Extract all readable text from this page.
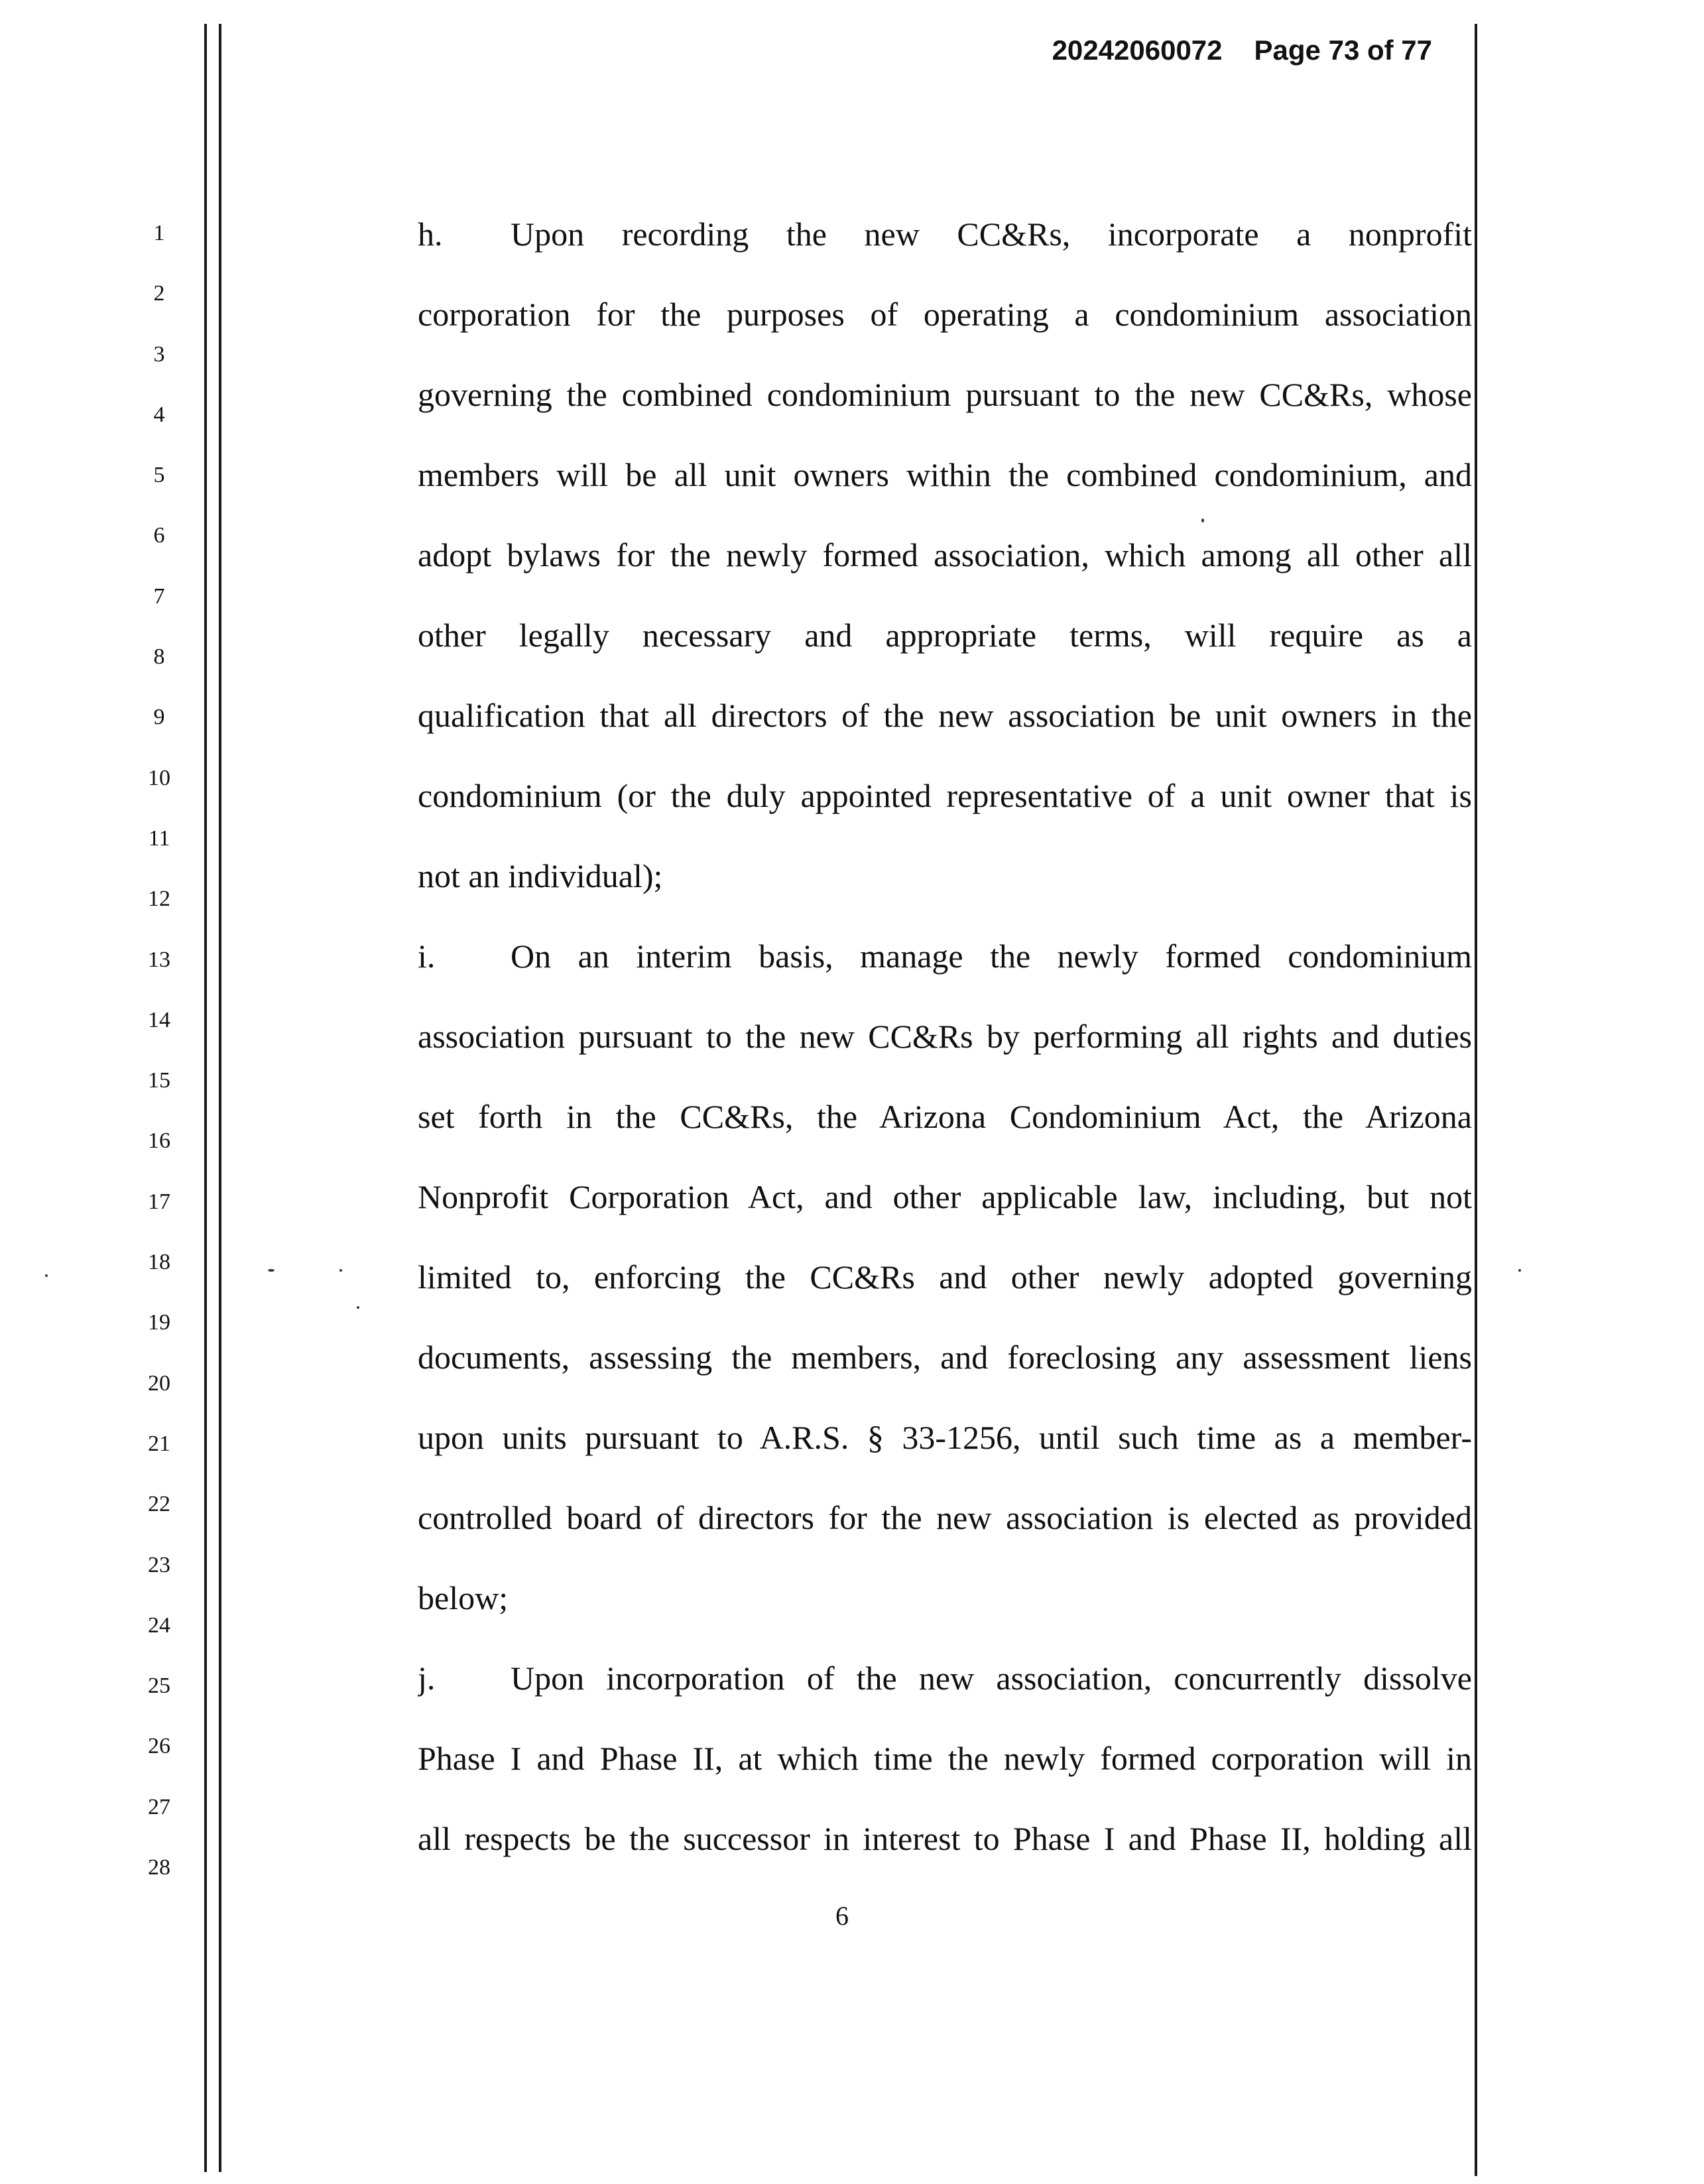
20242060072 Page 73 of 77
1
2
3
4
5
6
7
8
9
10
11
12
13
14
15
16
17
18
19
20
21
22
23
24
25
26
27
28
h. Upon recording the new CC&Rs, incorporate a nonprofit
corporation for the purposes of operating a condominium association
governing the combined condominium pursuant to the new CC&Rs, whose
members will be all unit owners within the combined condominium, and
adopt bylaws for the newly formed association, which among all other all
other legally necessary and appropriate terms, will require as a
qualification that all directors of the new association be unit owners in the
condominium (or the duly appointed representative of a unit owner that is
not an individual);
i. On an interim basis, manage the newly formed condominium
association pursuant to the new CC&Rs by performing all rights and duties
set forth in the CC&Rs, the Arizona Condominium Act, the Arizona
Nonprofit Corporation Act, and other applicable law, including, but not
limited to, enforcing the CC&Rs and other newly adopted governing
documents, assessing the members, and foreclosing any assessment liens
upon units pursuant to A.R.S. § 33-1256, until such time as a member-
controlled board of directors for the new association is elected as provided
below;
j. Upon incorporation of the new association, concurrently dissolve
Phase I and Phase II, at which time the newly formed corporation will in
all respects be the successor in interest to Phase I and Phase II, holding all
6
